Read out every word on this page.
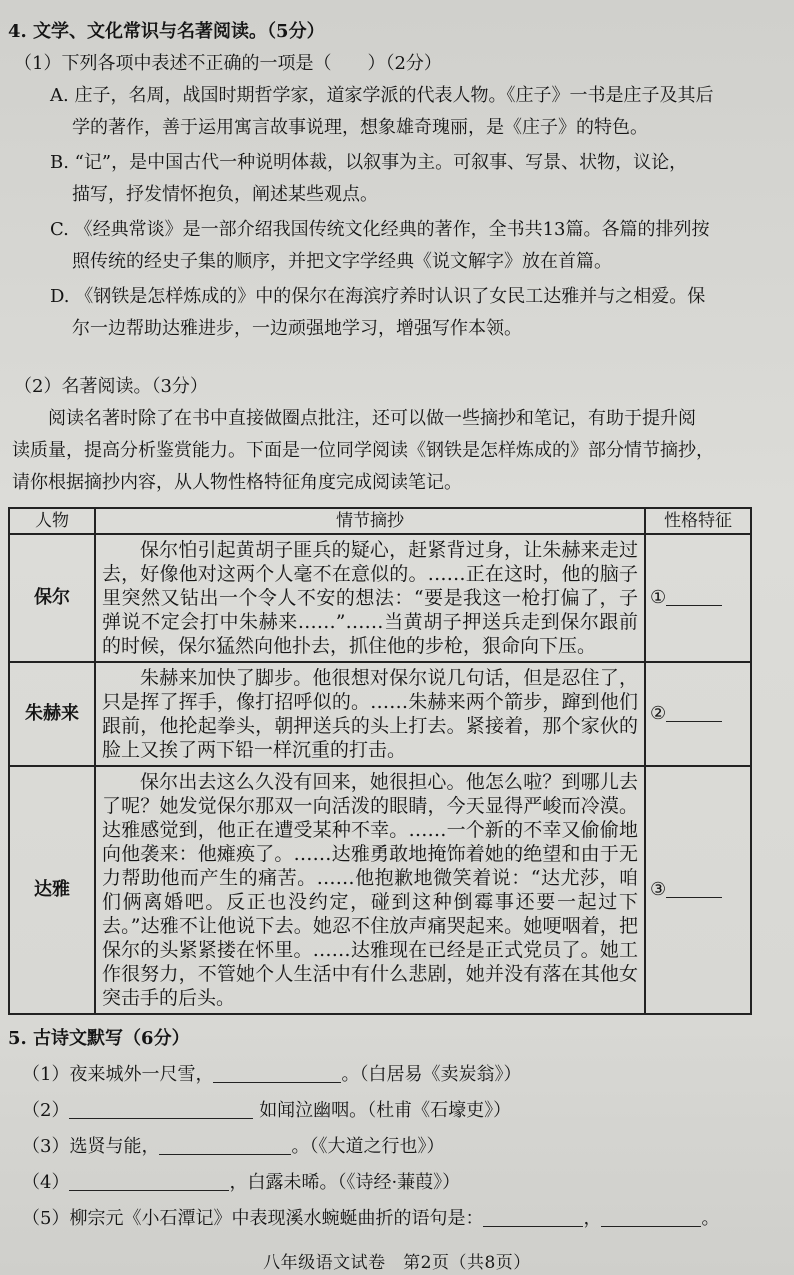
4. 文学、文化常识与名著阅读。（5分）
（1）下列各项中表述不正确的一项是（　　）（2分）
A. 庄子，名周，战国时期哲学家，道家学派的代表人物。《庄子》一书是庄子及其后
学的著作，善于运用寓言故事说理，想象雄奇瑰丽，是《庄子》的特色。
B. “记”，是中国古代一种说明体裁，以叙事为主。可叙事、写景、状物，议论，
描写，抒发情怀抱负，阐述某些观点。
C. 《经典常谈》是一部介绍我国传统文化经典的著作，全书共13篇。各篇的排列按
照传统的经史子集的顺序，并把文字学经典《说文解字》放在首篇。
D. 《钢铁是怎样炼成的》中的保尔在海滨疗养时认识了女民工达雅并与之相爱。保
尔一边帮助达雅进步，一边顽强地学习，增强写作本领。
（2）名著阅读。（3分）
阅读名著时除了在书中直接做圈点批注，还可以做一些摘抄和笔记，有助于提升阅
读质量，提高分析鉴赏能力。下面是一位同学阅读《钢铁是怎样炼成的》部分情节摘抄，
请你根据摘抄内容，从人物性格特征角度完成阅读笔记。
人物	情节摘抄	性格特征
保尔	保尔怕引起黄胡子匪兵的疑心，赶紧背过身，让朱赫来走过去，好像他对这两个人毫不在意似的。……正在这时，他的脑子里突然又钻出一个令人不安的想法：“要是我这一枪打偏了，子弹说不定会打中朱赫来……”……当黄胡子押送兵走到保尔跟前的时候，保尔猛然向他扑去，抓住他的步枪，狠命向下压。	①
朱赫来	朱赫来加快了脚步。他很想对保尔说几句话，但是忍住了，只是挥了挥手，像打招呼似的。……朱赫来两个箭步，蹿到他们跟前，他抡起拳头，朝押送兵的头上打去。紧接着，那个家伙的脸上又挨了两下铅一样沉重的打击。	②
达雅	保尔出去这么久没有回来，她很担心。他怎么啦？到哪儿去了呢？她发觉保尔那双一向活泼的眼睛，今天显得严峻而冷漠。达雅感觉到，他正在遭受某种不幸。……一个新的不幸又偷偷地向他袭来：他瘫痪了。……达雅勇敢地掩饰着她的绝望和由于无力帮助他而产生的痛苦。……他抱歉地微笑着说：“达尤莎，咱们俩离婚吧。反正也没约定，碰到这种倒霉事还要一起过下去。”达雅不让他说下去。她忍不住放声痛哭起来。她哽咽着，把保尔的头紧紧搂在怀里。……达雅现在已经是正式党员了。她工作很努力，不管她个人生活中有什么悲剧，她并没有落在其他女突击手的后头。	③
5. 古诗文默写（6分）
（1）夜来城外一尺雪，	。（白居易《卖炭翁》）
（2）	如闻泣幽咽。（杜甫《石壕吏》）
（3）选贤与能，	。（《大道之行也》）
（4）	，白露未晞。（《诗经·蒹葭》）
（5）柳宗元《小石潭记》中表现溪水蜿蜒曲折的语句是：	，	。
八年级语文试卷　第2页（共8页）
